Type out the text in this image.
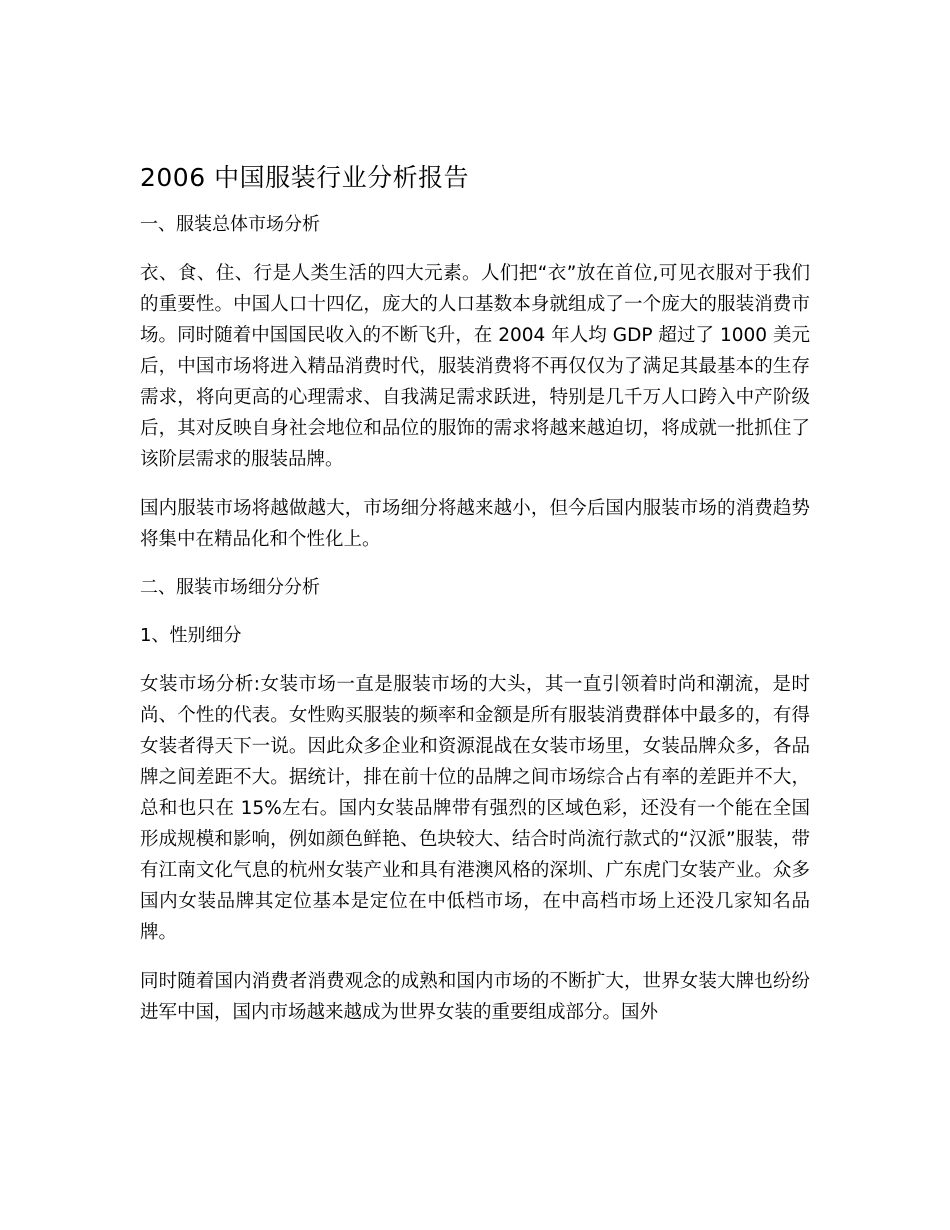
2006 中国服装行业分析报告
一、服装总体市场分析

衣、食、住、行是人类生活的四大元素。人们把“衣”放在首位,可见衣服对于我们的重要性。中国人口十四亿，庞大的人口基数本身就组成了一个庞大的服装消费市场。同时随着中国国民收入的不断飞升，在 2004 年人均 GDP 超过了 1000 美元后，中国市场将进入精品消费时代，服装消费将不再仅仅为了满足其最基本的生存需求，将向更高的心理需求、自我满足需求跃进，特别是几千万人口跨入中产阶级后，其对反映自身社会地位和品位的服饰的需求将越来越迫切，将成就一批抓住了该阶层需求的服装品牌。

国内服装市场将越做越大，市场细分将越来越小，但今后国内服装市场的消费趋势将集中在精品化和个性化上。

二、服装市场细分分析
1、性别细分

女装市场分析:女装市场一直是服装市场的大头，其一直引领着时尚和潮流，是时尚、个性的代表。女性购买服装的频率和金额是所有服装消费群体中最多的，有得女装者得天下一说。因此众多企业和资源混战在女装市场里，女装品牌众多，各品牌之间差距不大。据统计，排在前十位的品牌之间市场综合占有率的差距并不大，总和也只在 15%左右。国内女装品牌带有强烈的区域色彩，还没有一个能在全国形成规模和影响，例如颜色鲜艳、色块较大、结合时尚流行款式的“汉派”服装，带有江南文化气息的杭州女装产业和具有港澳风格的深圳、广东虎门女装产业。众多国内女装品牌其定位基本是定位在中低档市场，在中高档市场上还没几家知名品牌。

同时随着国内消费者消费观念的成熟和国内市场的不断扩大，世界女装大牌也纷纷进军中国，国内市场越来越成为世界女装的重要组成部分。国外
